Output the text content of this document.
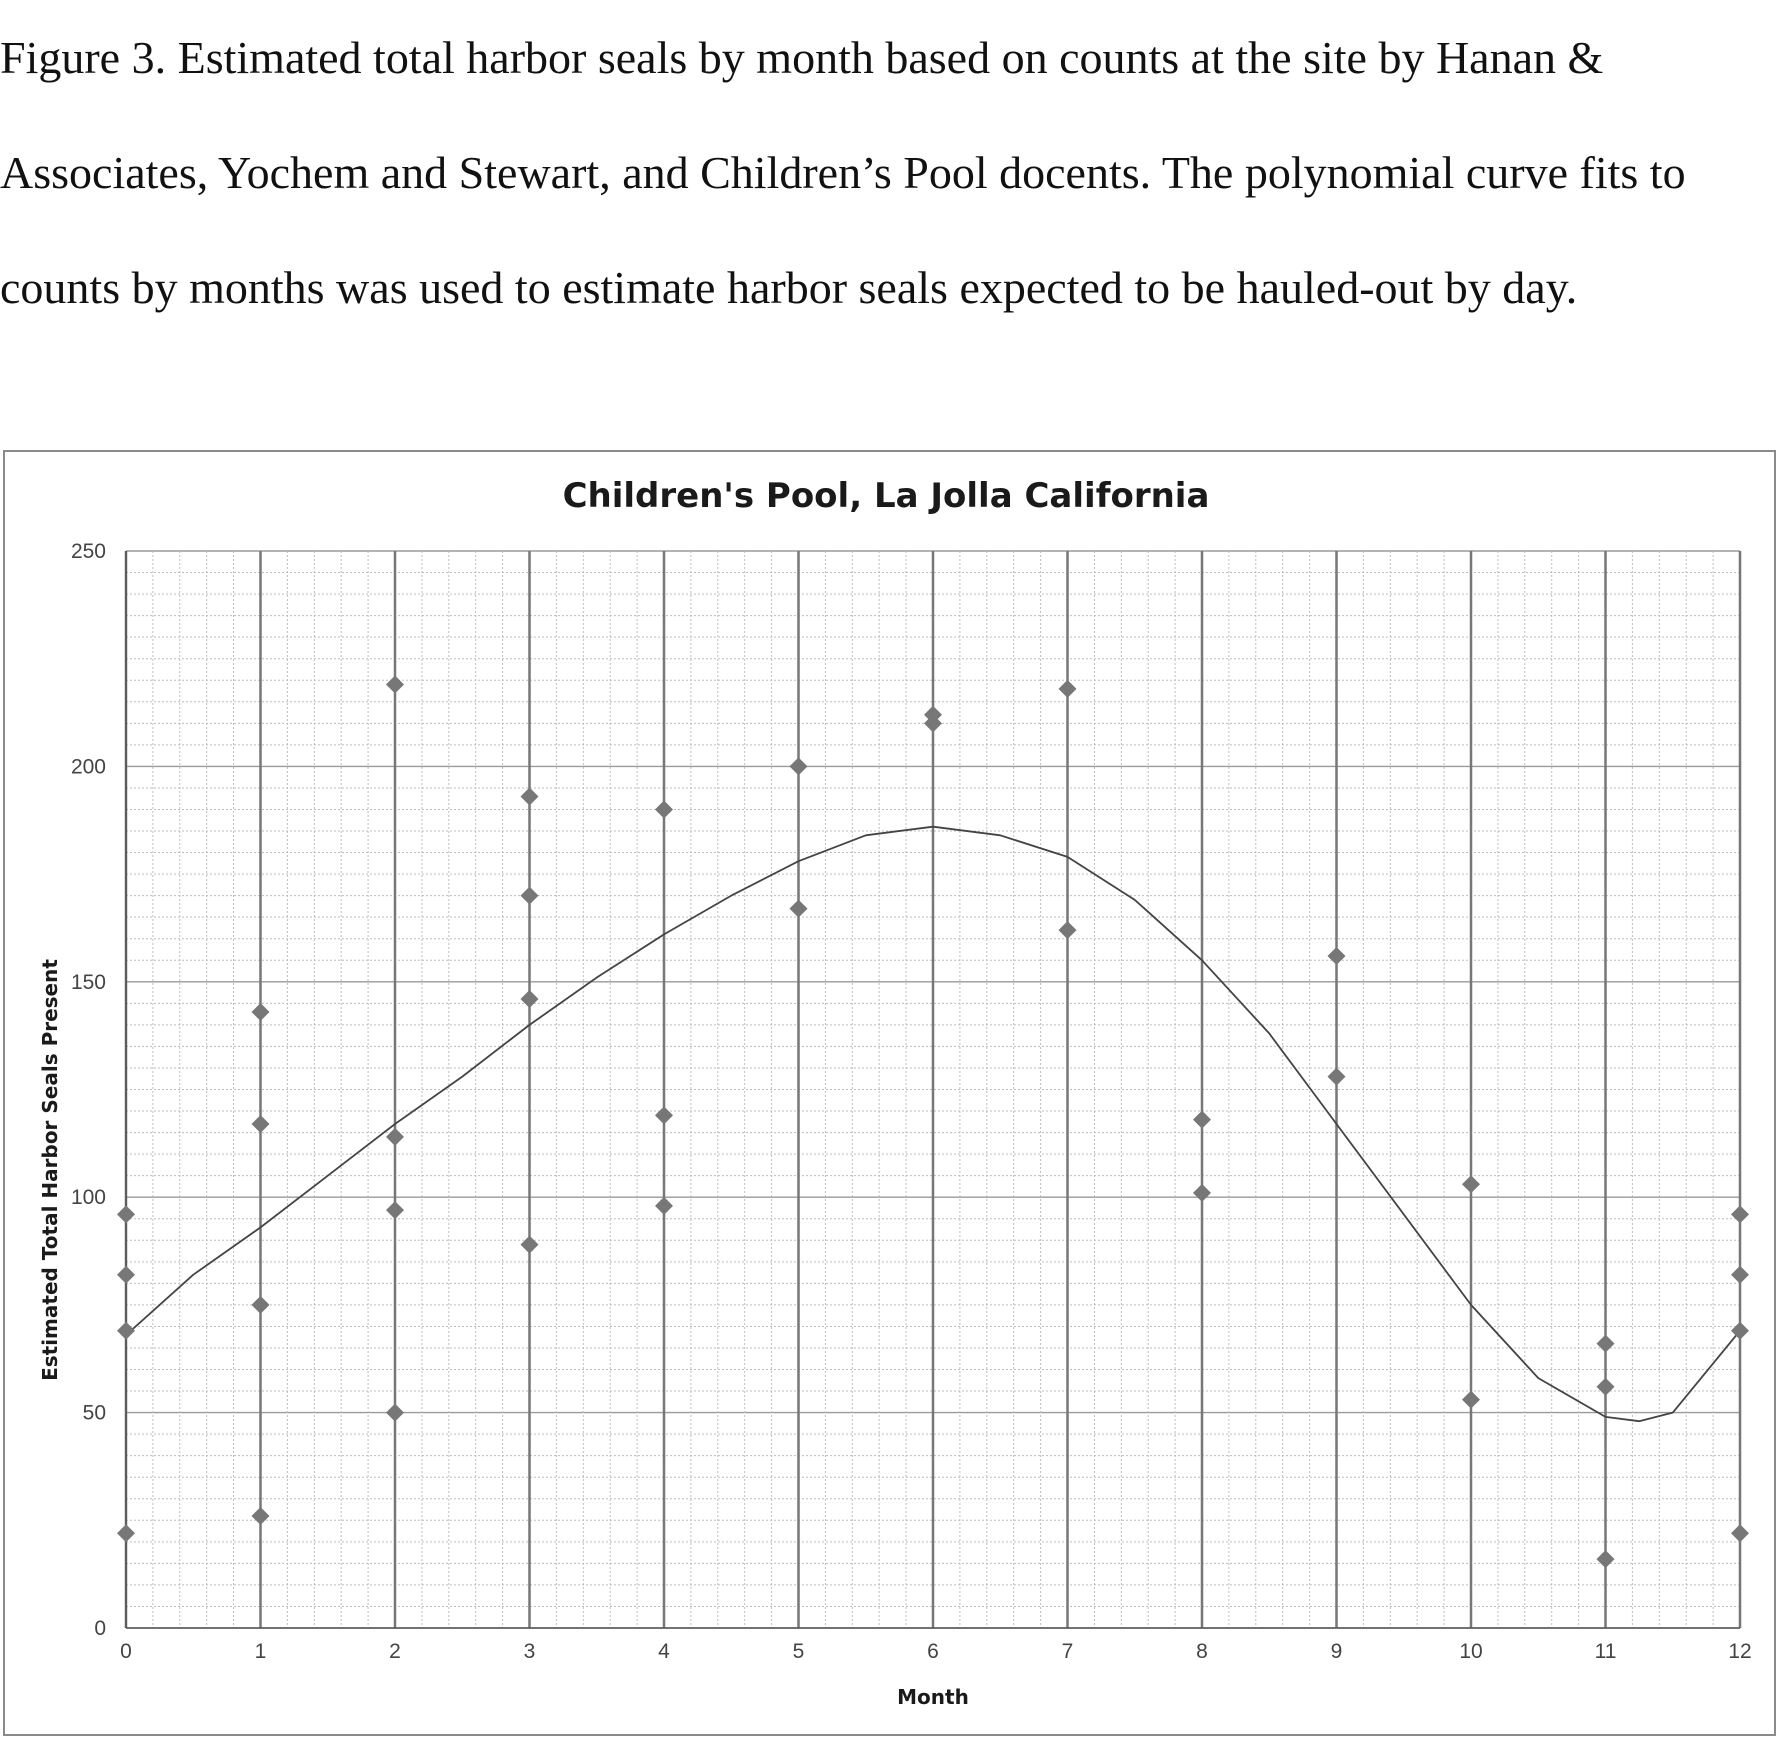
Figure 3. Estimated total harbor seals by month based on counts at the site by Hanan & Associates, Yochem and Stewart, and Children’s Pool docents. The polynomial curve fits to counts by months was used to estimate harbor seals expected to be hauled-out by day.

Children's Pool, La Jolla California
0
50
100
150
200
250
0	1	2	3	4	5	6	7	8	9	10	11	12
Month
Estimated Total Harbor Seals Present
